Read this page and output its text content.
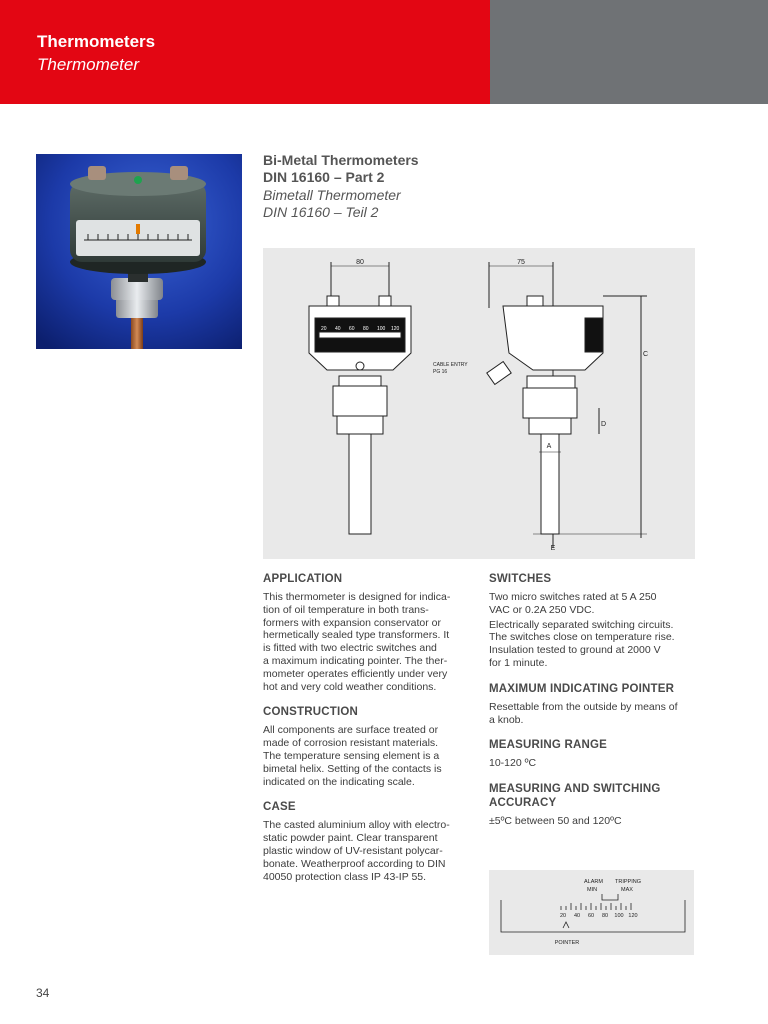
Thermometers
Thermometer
Bi-Metal Thermometers
DIN 16160 – Part 2
Bimetall Thermometer
DIN 16160 – Teil 2
20 40 60 80 100 120
80	75
CABLE ENTRY
PG 16
A
C
D
E
APPLICATION
This thermometer is designed for indica-
tion of oil temperature in both trans-
formers with expansion conservator or
hermetically sealed type transformers. It
is fitted with two electric switches and
a maximum indicating pointer. The ther-
mometer operates efficiently under very
hot and very cold weather conditions.
CONSTRUCTION
All components are surface treated or
made of corrosion resistant materials.
The temperature sensing element is a
bimetal helix. Setting of the contacts is
indicated on the indicating scale.
CASE
The casted aluminium alloy with electro-
static powder paint. Clear transparent
plastic window of UV-resistant polycar-
bonate. Weatherproof according to DIN
40050 protection class IP 43-IP 55.
SWITCHES
Two micro switches rated at 5 A 250
VAC or 0.2A 250 VDC.
Electrically separated switching circuits.
The switches close on temperature rise.
Insulation tested to ground at 2000 V
for 1 minute.
MAXIMUM INDICATING POINTER
Resettable from the outside by means of
a knob.
MEASURING RANGE
10-120 ºC
MEASURING AND SWITCHING ACCURACY
±5ºC between 50 and 120ºC
ALARM TRIPPING
MIN	MAX
20 40 60 80 100 120
POINTER
34
